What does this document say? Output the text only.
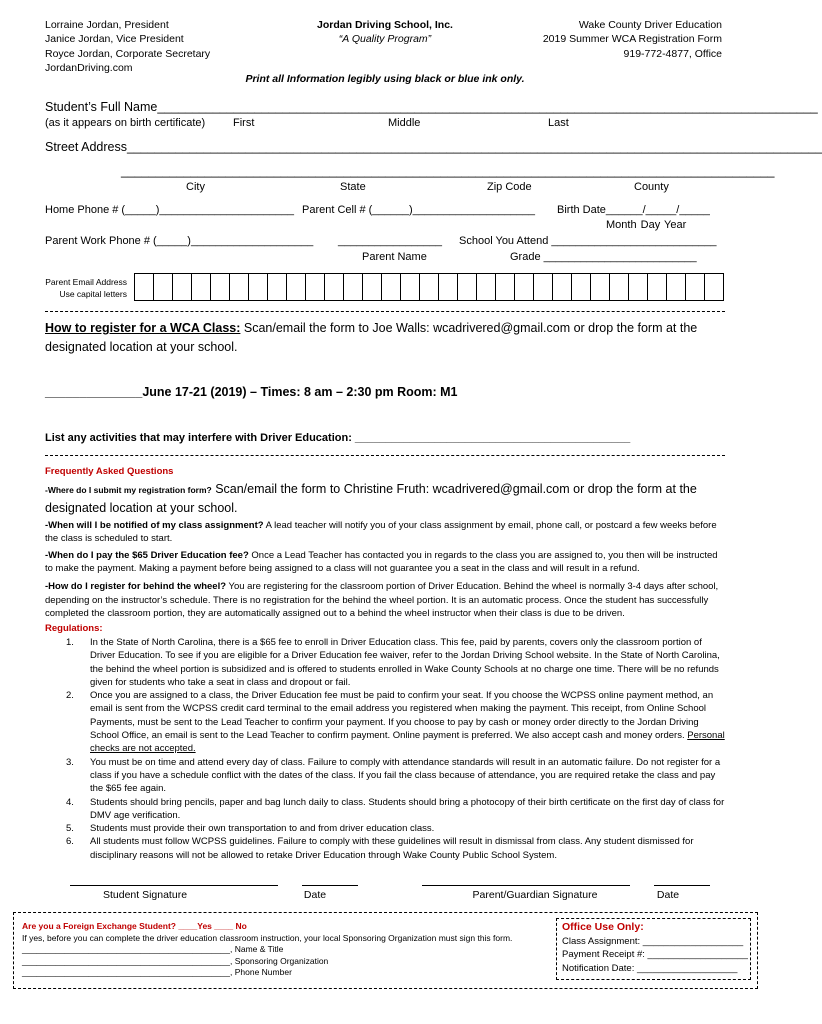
Lorraine Jordan, President
Janice Jordan, Vice President
Royce Jordan, Corporate Secretary
JordanDriving.com
Jordan Driving School, Inc.
“A Quality Program”
Wake County Driver Education
2019 Summer WCA Registration Form
919-772-4877, Office
Print all Information legibly using black or blue ink only.
Student’s Full Name_______________________________________________________________________________________________
(as it appears on birth certificate)	First	Middle	Last
Street Address____________________________________________________________________________________________________
______________________________________________________________________________________________
City	State	Zip Code	County
Home Phone # (_____)______________________ Parent Cell # (______)____________________ Birth Date______/_____/_____
Month Day Year
Parent Work Phone # (_____)____________________ _________________ School You Attend ___________________________
Parent Name	Grade _________________________
Parent Email Address
Use capital letters
How to register for a WCA Class: Scan/email the form to Joe Walls: wcadrivered@gmail.com or drop the form at the designated location at your school.
______________June 17-21 (2019) – Times: 8 am – 2:30 pm Room: M1
List any activities that may interfere with Driver Education: _____________________________________________
Frequently Asked Questions
-Where do I submit my registration form? Scan/email the form to Christine Fruth: wcadrivered@gmail.com or drop the form at the designated location at your school.
-When will I be notified of my class assignment? A lead teacher will notify you of your class assignment by email, phone call, or postcard a few weeks before the class is scheduled to start.
-When do I pay the $65 Driver Education fee? Once a Lead Teacher has contacted you in regards to the class you are assigned to, you then will be instructed to make the payment. Making a payment before being assigned to a class will not guarantee you a seat in the class and will result in a refund.
-How do I register for behind the wheel? You are registering for the classroom portion of Driver Education. Behind the wheel is normally 3-4 days after school, depending on the instructor’s schedule. There is no registration for the behind the wheel portion. It is an automatic process. Once the student has successfully completed the classroom portion, they are automatically assigned out to a behind the wheel instructor when their class is due to be driven.
Regulations:
1. In the State of North Carolina, there is a $65 fee to enroll in Driver Education class. This fee, paid by parents, covers only the classroom portion of Driver Education. To see if you are eligible for a Driver Education fee waiver, refer to the Jordan Driving School website. In the State of North Carolina, the behind the wheel portion is subsidized and is offered to students enrolled in Wake County Schools at no charge one time. There will be no refunds given for students who take a seat in class and dropout or fail.
2. Once you are assigned to a class, the Driver Education fee must be paid to confirm your seat. If you choose the WCPSS online payment method, an email is sent from the WCPSS credit card terminal to the email address you registered when making the payment. This receipt, from Online School Payments, must be sent to the Lead Teacher to confirm your payment. If you choose to pay by cash or money order directly to the Jordan Driving School Office, an email is sent to the Lead Teacher to confirm payment. Online payment is preferred. We also accept cash and money orders. Personal checks are not accepted.
3. You must be on time and attend every day of class. Failure to comply with attendance standards will result in an automatic failure. Do not register for a class if you have a schedule conflict with the dates of the class. If you fail the class because of attendance, you are required retake the class and pay the $65 fee again.
4. Students should bring pencils, paper and bag lunch daily to class. Students should bring a photocopy of their birth certificate on the first day of class for DMV age verification.
5. Students must provide their own transportation to and from driver education class.
6. All students must follow WCPSS guidelines. Failure to comply with these guidelines will result in dismissal from class. Any student dismissed for disciplinary reasons will not be allowed to retake Driver Education through Wake County Public School System.
Student Signature	Date	Parent/Guardian Signature	Date
Are you a Foreign Exchange Student? ____Yes ____ No
If yes, before you can complete the driver education classroom instruction, your local Sponsoring Organization must sign this form.
____________________________________________, Name & Title
____________________________________________, Sponsoring Organization
____________________________________________, Phone Number
Office Use Only:
Class Assignment: ___________________
Payment Receipt #: ___________________
Notification Date: ___________________
